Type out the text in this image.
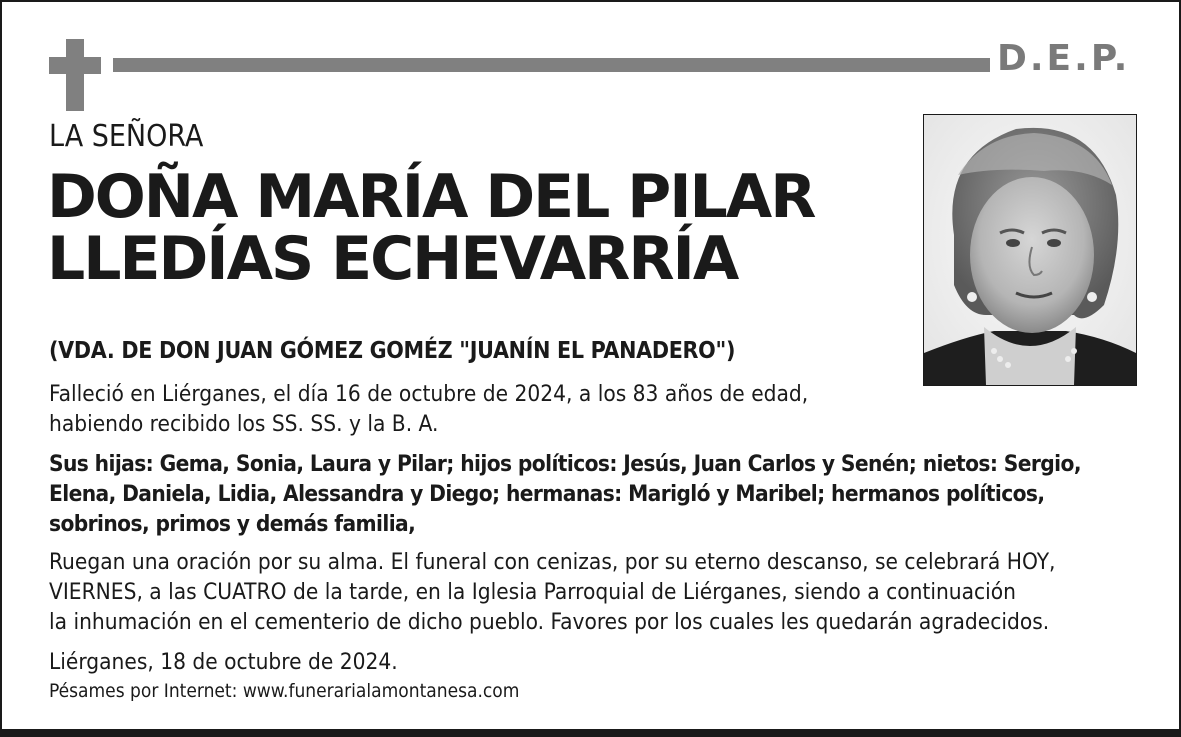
D.E.P.
LA SEÑORA
DOÑA MARÍA DEL PILAR
LLEDÍAS ECHEVARRÍA

(VDA. DE DON JUAN GÓMEZ GOMÉZ "JUANÍN EL PANADERO")

Falleció en Liérganes, el día 16 de octubre de 2024, a los 83 años de edad,
habiendo recibido los SS. SS. y la B. A.

Sus hijas: Gema, Sonia, Laura y Pilar; hijos políticos: Jesús, Juan Carlos y Senén; nietos: Sergio,
Elena, Daniela, Lidia, Alessandra y Diego; hermanas: Marigló y Maribel; hermanos políticos,
sobrinos, primos y demás familia,

Ruegan una oración por su alma. El funeral con cenizas, por su eterno descanso, se celebrará HOY,
VIERNES, a las CUATRO de la tarde, en la Iglesia Parroquial de Liérganes, siendo a continuación
la inhumación en el cementerio de dicho pueblo. Favores por los cuales les quedarán agradecidos.

Liérganes, 18 de octubre de 2024.

Pésames por Internet: www.funerarialamontanesa.com
